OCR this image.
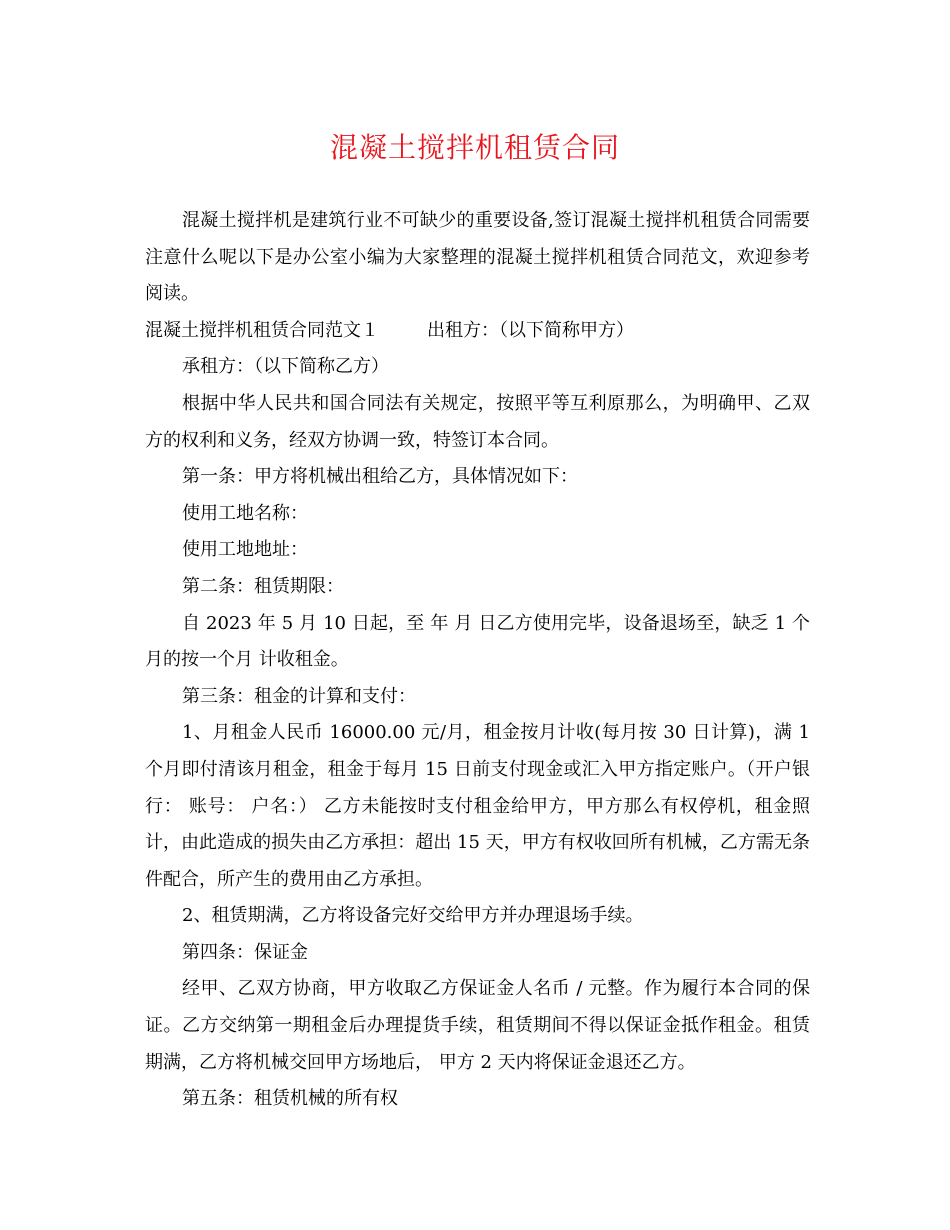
混凝土搅拌机租赁合同

混凝土搅拌机是建筑行业不可缺少的重要设备,签订混凝土搅拌机租赁合同需要注意什么呢以下是办公室小编为大家整理的混凝土搅拌机租赁合同范文，欢迎参考阅读。

混凝土搅拌机租赁合同范文１	出租方：（以下简称甲方）

承租方：（以下简称乙方）

根据中华人民共和国合同法有关规定，按照平等互利原那么，为明确甲、乙双方的权利和义务，经双方协调一致，特签订本合同。

第一条：甲方将机械出租给乙方，具体情况如下：

使用工地名称：

使用工地地址：

第二条：租赁期限：

自 2023 年 5 月 10 日起，至 年 月 日乙方使用完毕，设备退场至，缺乏 1 个月的按一个月 计收租金。

第三条：租金的计算和支付：

1、月租金人民币 16000.00 元/月，租金按月计收(每月按 30 日计算)，满 1 个月即付清该月租金，租金于每月 15 日前支付现金或汇入甲方指定账户。（开户银行： 账号： 户名：） 乙方未能按时支付租金给甲方，甲方那么有权停机，租金照计，由此造成的损失由乙方承担：超出 15 天，甲方有权收回所有机械，乙方需无条件配合，所产生的费用由乙方承担。

2、租赁期满，乙方将设备完好交给甲方并办理退场手续。

第四条：保证金

经甲、乙双方协商，甲方收取乙方保证金人名币 / 元整。作为履行本合同的保证。乙方交纳第一期租金后办理提货手续，租赁期间不得以保证金抵作租金。租赁期满，乙方将机械交回甲方场地后， 甲方 2 天内将保证金退还乙方。

第五条：租赁机械的所有权
